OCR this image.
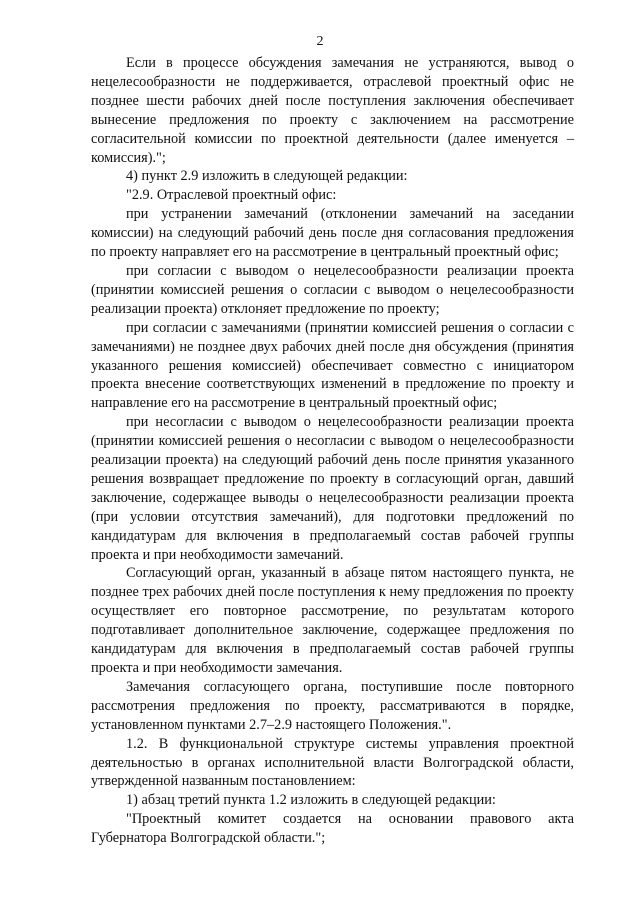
2

Если в процессе обсуждения замечания не устраняются, вывод о нецелесообразности не поддерживается, отраслевой проектный офис не позднее шести рабочих дней после поступления заключения обеспечивает вынесение предложения по проекту с заключением на рассмотрение согласительной комиссии по проектной деятельности (далее именуется – комиссия).";

4) пункт 2.9 изложить в следующей редакции:

"2.9. Отраслевой проектный офис:

при устранении замечаний (отклонении замечаний на заседании комиссии) на следующий рабочий день после дня согласования предложения по проекту направляет его на рассмотрение в центральный проектный офис;

при согласии с выводом о нецелесообразности реализации проекта (принятии комиссией решения о согласии с выводом о нецелесообразности реализации проекта) отклоняет предложение по проекту;

при согласии с замечаниями (принятии комиссией решения о согласии с замечаниями) не позднее двух рабочих дней после дня обсуждения (принятия указанного решения комиссией) обеспечивает совместно с инициатором проекта внесение соответствующих изменений в предложение по проекту и направление его на рассмотрение в центральный проектный офис;

при несогласии с выводом о нецелесообразности реализации проекта (принятии комиссией решения о несогласии с выводом о нецелесообразности реализации проекта) на следующий рабочий день после принятия указанного решения возвращает предложение по проекту в согласующий орган, давший заключение, содержащее выводы о нецелесообразности реализации проекта (при условии отсутствия замечаний), для подготовки предложений по кандидатурам для включения в предполагаемый состав рабочей группы проекта и при необходимости замечаний.

Согласующий орган, указанный в абзаце пятом настоящего пункта, не позднее трех рабочих дней после поступления к нему предложения по проекту осуществляет его повторное рассмотрение, по результатам которого подготавливает дополнительное заключение, содержащее предложения по кандидатурам для включения в предполагаемый состав рабочей группы проекта и при необходимости замечания.

Замечания согласующего органа, поступившие после повторного рассмотрения предложения по проекту, рассматриваются в порядке, установленном пунктами 2.7–2.9 настоящего Положения.".

1.2. В функциональной структуре системы управления проектной деятельностью в органах исполнительной власти Волгоградской области, утвержденной названным постановлением:

1) абзац третий пункта 1.2 изложить в следующей редакции:

"Проектный комитет создается на основании правового акта Губернатора Волгоградской области.";
